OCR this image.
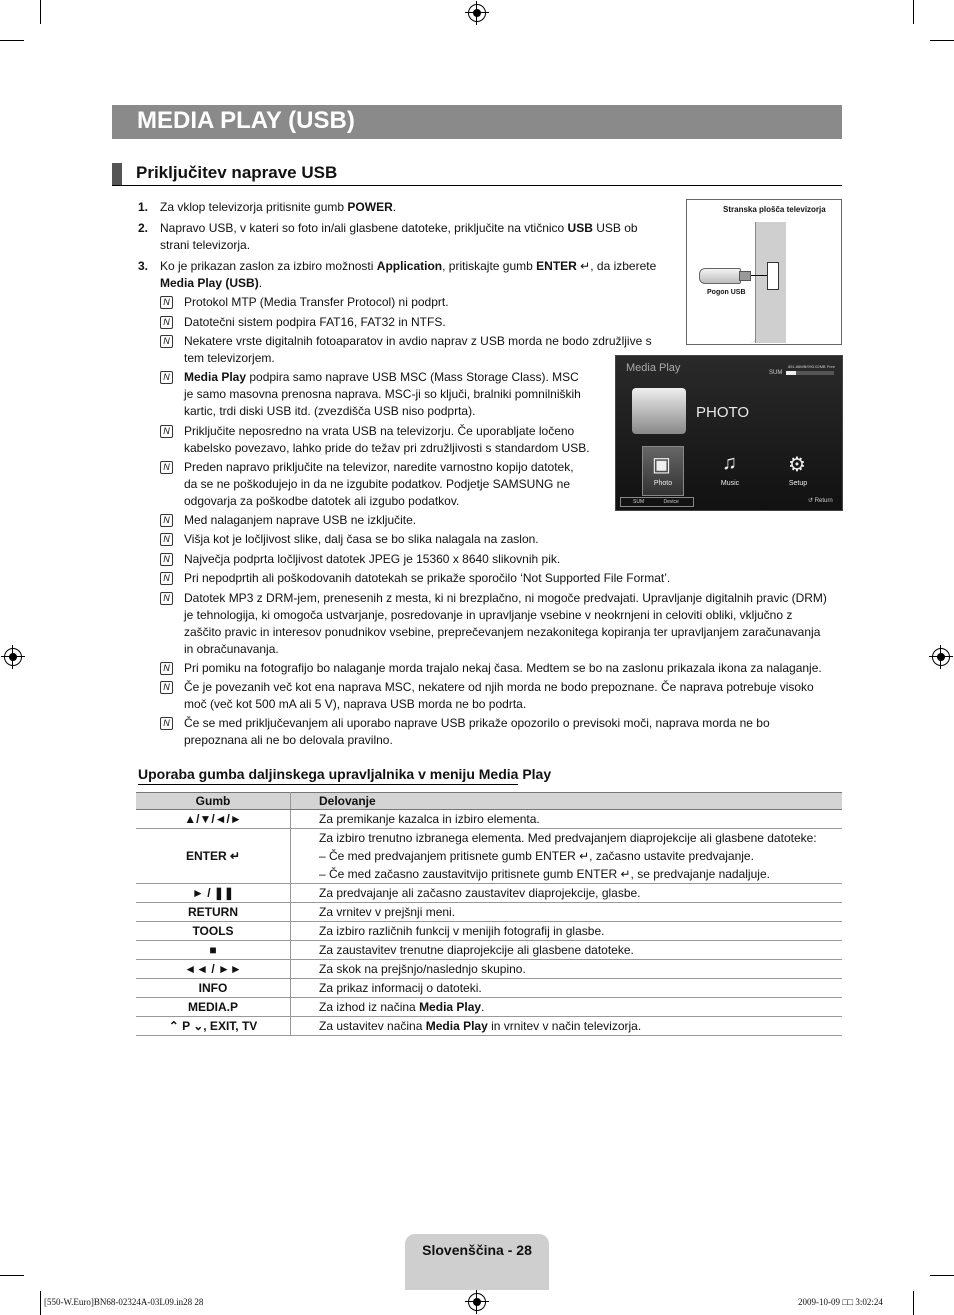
MEDIA PLAY (USB)
Priključitev naprave USB
1. Za vklop televizorja pritisnite gumb POWER.
2. Napravo USB, v kateri so foto in/ali glasbene datoteke, priključite na vtičnico USB USB ob
strani televizorja.
3. Ko je prikazan zaslon za izbiro možnosti Application, pritiskajte gumb ENTER ↵, da izberete
Media Play (USB).
N Protokol MTP (Media Transfer Protocol) ni podprt.
N Datotečni sistem podpira FAT16, FAT32 in NTFS.
N Nekatere vrste digitalnih fotoaparatov in avdio naprav z USB morda ne bodo združljive s
tem televizorjem.
N Media Play podpira samo naprave USB MSC (Mass Storage Class). MSC
je samo masovna prenosna naprava. MSC-ji so ključi, bralniki pomnilniških
kartic, trdi diski USB itd. (zvezdišča USB niso podprta).
N Priključite neposredno na vrata USB na televizorju. Če uporabljate ločeno
kabelsko povezavo, lahko pride do težav pri združljivosti s standardom USB.
N Preden napravo priključite na televizor, naredite varnostno kopijo datotek,
da se ne poškodujejo in da ne izgubite podatkov. Podjetje SAMSUNG ne
odgovarja za poškodbe datotek ali izgubo podatkov.
N Med nalaganjem naprave USB ne izključite.
N Višja kot je ločljivost slike, dalj časa se bo slika nalagala na zaslon.
N Največja podprta ločljivost datotek JPEG je 15360 x 8640 slikovnih pik.
N Pri nepodprtih ali poškodovanih datotekah se prikaže sporočilo ‘Not Supported File Format’.
N Datotek MP3 z DRM-jem, prenesenih z mesta, ki ni brezplačno, ni mogoče predvajati. Upravljanje digitalnih pravic (DRM)
je tehnologija, ki omogoča ustvarjanje, posredovanje in upravljanje vsebine v neokrnjeni in celoviti obliki, vključno z
zaščito pravic in interesov ponudnikov vsebine, preprečevanjem nezakonitega kopiranja ter upravljanjem zaračunavanja
in obračunavanja.
N Pri pomiku na fotografijo bo nalaganje morda trajalo nekaj časa. Medtem se bo na zaslonu prikazala ikona za nalaganje.
N Če je povezanih več kot ena naprava MSC, nekatere od njih morda ne bodo prepoznane. Če naprava potrebuje visoko
moč (več kot 500 mA ali 5 V), naprava USB morda ne bo podrta.
N Če se med priključevanjem ali uporabo naprave USB prikaže opozorilo o previsoki moči, naprava morda ne bo
prepoznana ali ne bo delovala pravilno.
Stranska plošča televizorja
Pogon USB
Media Play	851.86MB/993.02MB Free
SUM
PHOTO
▣	♫	⚙
Photo	Music	Setup
SUM	Device	↺ Return
Uporaba gumba daljinskega upravljalnika v meniju Media Play
Gumb	Delovanje
▲/▼/◄/►	Za premikanje kazalca in izbiro elementa.
ENTER ↵	Za izbiro trenutno izbranega elementa. Med predvajanjem diaprojekcije ali glasbene datoteke:
– Če med predvajanjem pritisnete gumb ENTER ↵, začasno ustavite predvajanje.
– Če med začasno zaustavitvijo pritisnete gumb ENTER ↵, se predvajanje nadaljuje.
► / ❚❚	Za predvajanje ali začasno zaustavitev diaprojekcije, glasbe.
RETURN	Za vrnitev v prejšnji meni.
TOOLS	Za izbiro različnih funkcij v menijih fotografij in glasbe.
■	Za zaustavitev trenutne diaprojekcije ali glasbene datoteke.
◄◄ / ►►	Za skok na prejšnjo/naslednjo skupino.
INFO	Za prikaz informacij o datoteki.
MEDIA.P	Za izhod iz načina Media Play.
⌃ P ⌄, EXIT, TV	Za ustavitev načina Media Play in vrnitev v način televizorja.
Slovenščina - 28
[550-W.Euro]BN68-02324A-03L09.in28 28	2009-10-09 □□ 3:02:24
